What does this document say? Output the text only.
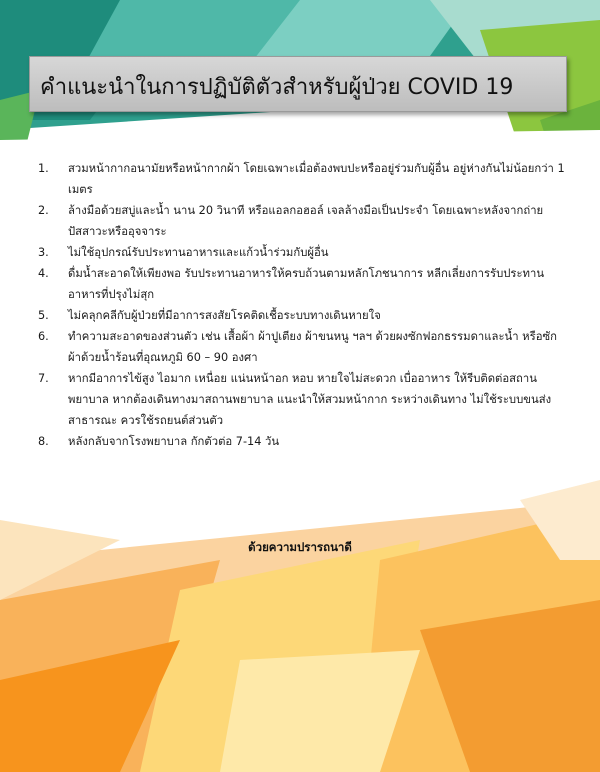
คำแนะนำในการปฏิบัติตัวสำหรับผู้ป่วย COVID 19
1. สวมหน้ากากอนามัยหรือหน้ากากผ้า โดยเฉพาะเมื่อต้องพบปะหรืออยู่ร่วมกับผู้อื่น อยู่ห่างกันไม่น้อยกว่า 1 เมตร
2. ล้างมือด้วยสบู่และน้ำ นาน 20 วินาที หรือแอลกอฮอล์ เจลล้างมือเป็นประจำ โดยเฉพาะหลังจากถ่ายปัสสาวะหรืออุจจาระ
3. ไม่ใช้อุปกรณ์รับประทานอาหารและแก้วน้ำร่วมกับผู้อื่น
4. ดื่มน้ำสะอาดให้เพียงพอ รับประทานอาหารให้ครบถ้วนตามหลักโภชนาการ หลีกเลี่ยงการรับประทานอาหารที่ปรุงไม่สุก
5. ไม่คลุกคลีกับผู้ป่วยที่มีอาการสงสัยโรคติดเชื้อระบบทางเดินหายใจ
6. ทำความสะอาดของส่วนตัว เช่น เสื้อผ้า ผ้าปูเตียง ผ้าขนหนู ฯลฯ ด้วยผงซักฟอกธรรมดาและน้ำ หรือซักผ้าด้วยน้ำร้อนที่อุณหภูมิ 60 – 90 องศา
7. หากมีอาการไข้สูง ไอมาก เหนื่อย แน่นหน้าอก หอบ หายใจไม่สะดวก เบื่ออาหาร ให้รีบติดต่อสถานพยาบาล หากต้องเดินทางมาสถานพยาบาล แนะนำให้สวมหน้ากาก ระหว่างเดินทาง ไม่ใช้ระบบขนส่งสาธารณะ ควรใช้รถยนต์ส่วนตัว
8. หลังกลับจากโรงพยาบาล กักตัวต่อ 7-14 วัน
ด้วยความปรารถนาดี
